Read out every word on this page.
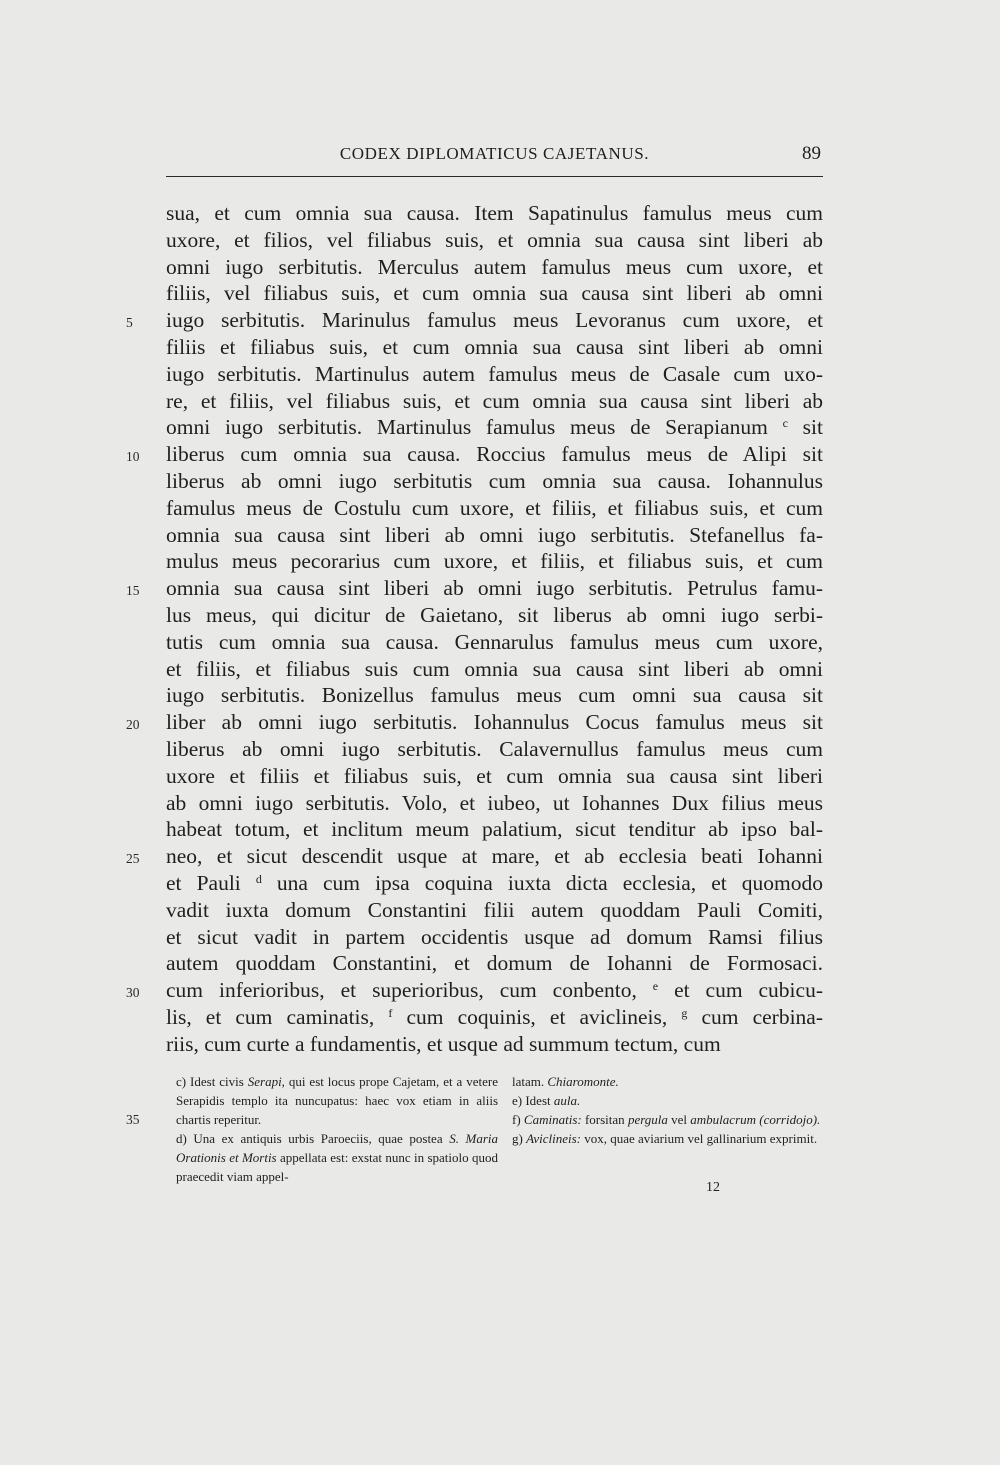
CODEX DIPLOMATICUS CAJETANUS.	89
5
10
15
20
25
30
35
sua, et cum omnia sua causa. Item Sapatinulus famulus meus cum
uxore, et filios, vel filiabus suis, et omnia sua causa sint liberi ab
omni iugo serbitutis. Merculus autem famulus meus cum uxore, et
filiis, vel filiabus suis, et cum omnia sua causa sint liberi ab omni
iugo serbitutis. Marinulus famulus meus Levoranus cum uxore, et
filiis et filiabus suis, et cum omnia sua causa sint liberi ab omni
iugo serbitutis. Martinulus autem famulus meus de Casale cum uxo-
re, et filiis, vel filiabus suis, et cum omnia sua causa sint liberi ab
omni iugo serbitutis. Martinulus famulus meus de Serapianum $^c$ sit
liberus cum omnia sua causa. Roccius famulus meus de Alipi sit
liberus ab omni iugo serbitutis cum omnia sua causa. Iohannulus
famulus meus de Costulu cum uxore, et filiis, et filiabus suis, et cum
omnia sua causa sint liberi ab omni iugo serbitutis. Stefanellus fa-
mulus meus pecorarius cum uxore, et filiis, et filiabus suis, et cum
omnia sua causa sint liberi ab omni iugo serbitutis. Petrulus famu-
lus meus, qui dicitur de Gaietano, sit liberus ab omni iugo serbi-
tutis cum omnia sua causa. Gennarulus famulus meus cum uxore,
et filiis, et filiabus suis cum omnia sua causa sint liberi ab omni
iugo serbitutis. Bonizellus famulus meus cum omni sua causa sit
liber ab omni iugo serbitutis. Iohannulus Cocus famulus meus sit
liberus ab omni iugo serbitutis. Calavernullus famulus meus cum
uxore et filiis et filiabus suis, et cum omnia sua causa sint liberi
ab omni iugo serbitutis. Volo, et iubeo, ut Iohannes Dux filius meus
habeat totum, et inclitum meum palatium, sicut tenditur ab ipso bal-
neo, et sicut descendit usque at mare, et ab ecclesia beati Iohanni
et Pauli $^d$ una cum ipsa coquina iuxta dicta ecclesia, et quomodo
vadit iuxta domum Constantini filii autem quoddam Pauli Comiti,
et sicut vadit in partem occidentis usque ad domum Ramsi filius
autem quoddam Constantini, et domum de Iohanni de Formosaci.
cum inferioribus, et superioribus, cum conbento, $^e$ et cum cubicu-
lis, et cum caminatis, $^f$ cum coquinis, et aviclineis, $^g$ cum cerbina-
riis, cum curte a fundamentis, et usque ad summum tectum, cum

c) Idest civis Serapi, qui est locus prope Cajetam, et a vetere Serapidis templo ita nuncupatus: haec vox etiam in aliis chartis reperitur.

d) Una ex antiquis urbis Paroeciis, quae postea S. Maria Orationis et Mortis appellata est: exstat nunc in spatiolo quod praecedit viam appel-

latam. Chiaromonte.

e) Idest aula.

f) Caminatis: forsitan pergula vel ambulacrum (corridojo).

g) Aviclineis: vox, quae aviarium vel gallinarium exprimit.

12
